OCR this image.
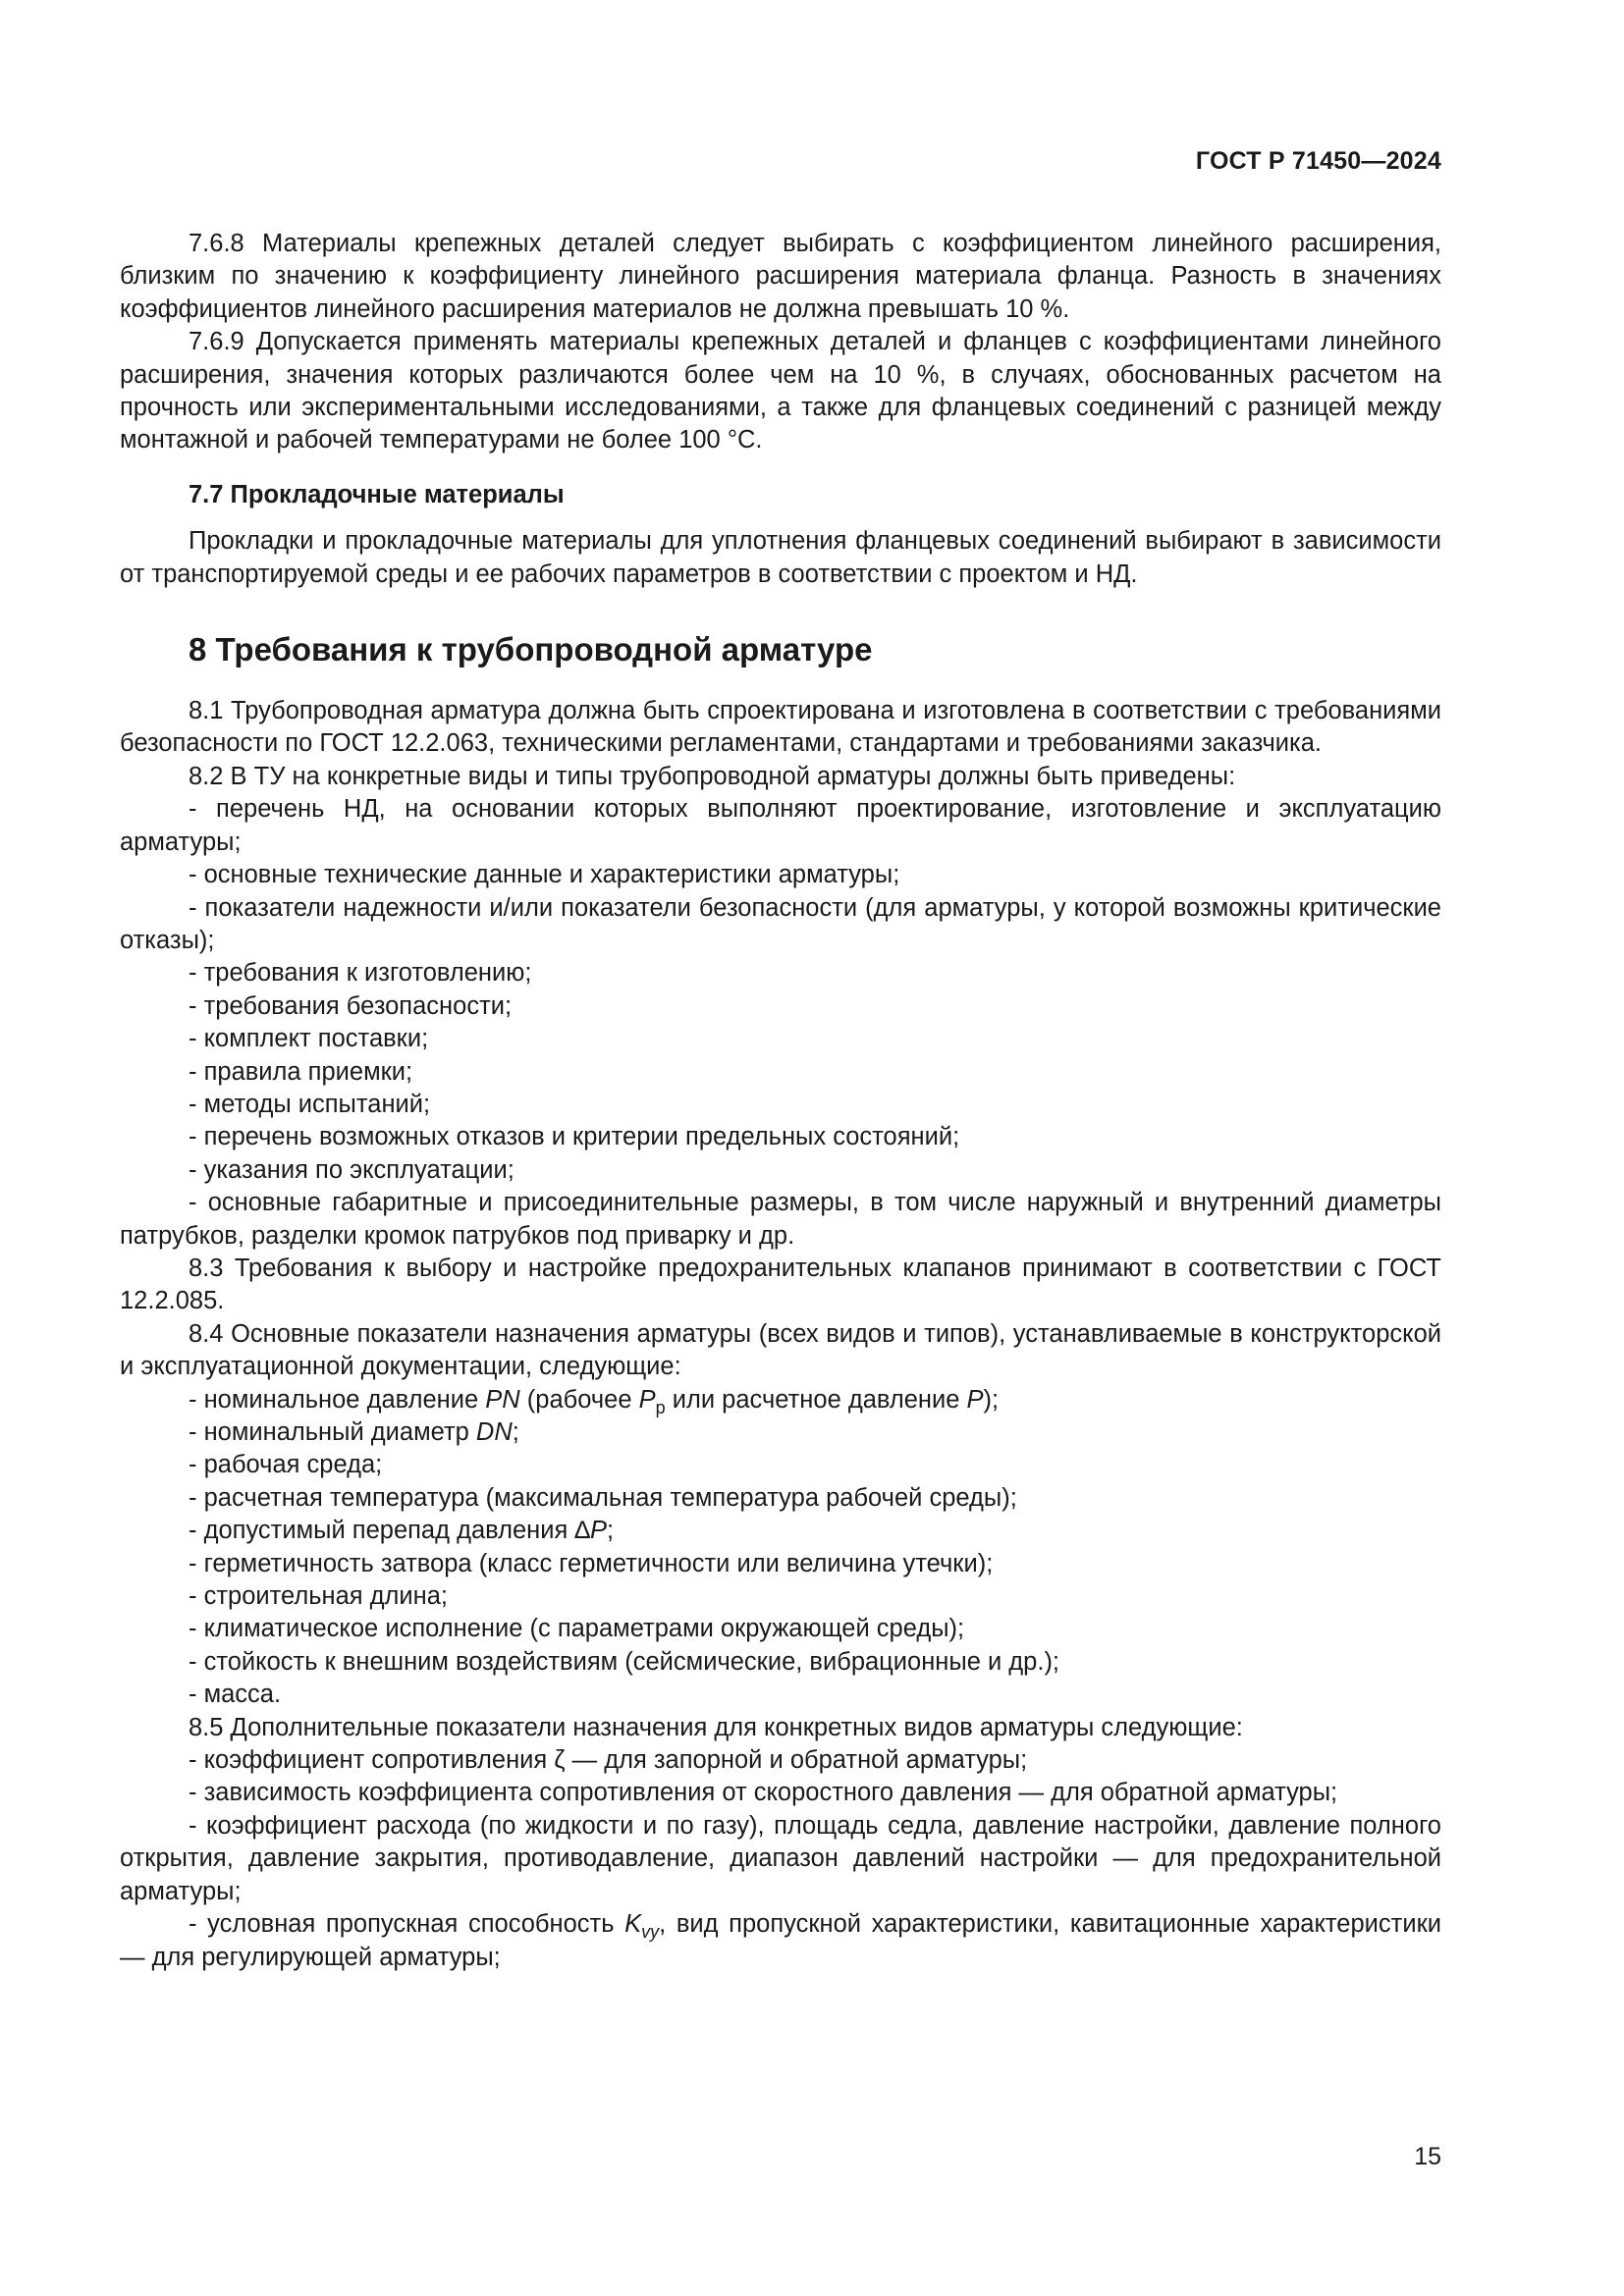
ГОСТ Р 71450—2024

7.6.8 Материалы крепежных деталей следует выбирать с коэффициентом линейного расширения, близким по значению к коэффициенту линейного расширения материала фланца. Разность в значениях коэффициентов линейного расширения материалов не должна превышать 10 %.

7.6.9 Допускается применять материалы крепежных деталей и фланцев с коэффициентами линейного расширения, значения которых различаются более чем на 10 %, в случаях, обоснованных расчетом на прочность или экспериментальными исследованиями, а также для фланцевых соединений с разницей между монтажной и рабочей температурами не более 100 °С.

7.7 Прокладочные материалы

Прокладки и прокладочные материалы для уплотнения фланцевых соединений выбирают в зависимости от транспортируемой среды и ее рабочих параметров в соответствии с проектом и НД.

8 Требования к трубопроводной арматуре

8.1 Трубопроводная арматура должна быть спроектирована и изготовлена в соответствии с требованиями безопасности по ГОСТ 12.2.063, техническими регламентами, стандартами и требованиями заказчика.

8.2 В ТУ на конкретные виды и типы трубопроводной арматуры должны быть приведены:

- перечень НД, на основании которых выполняют проектирование, изготовление и эксплуатацию арматуры;

- основные технические данные и характеристики арматуры;

- показатели надежности и/или показатели безопасности (для арматуры, у которой возможны критические отказы);

- требования к изготовлению;

- требования безопасности;

- комплект поставки;

- правила приемки;

- методы испытаний;

- перечень возможных отказов и критерии предельных состояний;

- указания по эксплуатации;

- основные габаритные и присоединительные размеры, в том числе наружный и внутренний диаметры патрубков, разделки кромок патрубков под приварку и др.

8.3 Требования к выбору и настройке предохранительных клапанов принимают в соответствии с ГОСТ 12.2.085.

8.4 Основные показатели назначения арматуры (всех видов и типов), устанавливаемые в конструкторской и эксплуатационной документации, следующие:

- номинальное давление PN (рабочее $P_р$ или расчетное давление P);

- номинальный диаметр DN;

- рабочая среда;

- расчетная температура (максимальная температура рабочей среды);

- допустимый перепад давления ∆P;

- герметичность затвора (класс герметичности или величина утечки);

- строительная длина;

- климатическое исполнение (с параметрами окружающей среды);

- стойкость к внешним воздействиям (сейсмические, вибрационные и др.);

- масса.

8.5 Дополнительные показатели назначения для конкретных видов арматуры следующие:

- коэффициент сопротивления ζ — для запорной и обратной арматуры;

- зависимость коэффициента сопротивления от скоростного давления — для обратной арматуры;

- коэффициент расхода (по жидкости и по газу), площадь седла, давление настройки, давление полного открытия, давление закрытия, противодавление, диапазон давлений настройки — для предохранительной арматуры;

- условная пропускная способность $K_{vy}$, вид пропускной характеристики, кавитационные характеристики — для регулирующей арматуры;

15
